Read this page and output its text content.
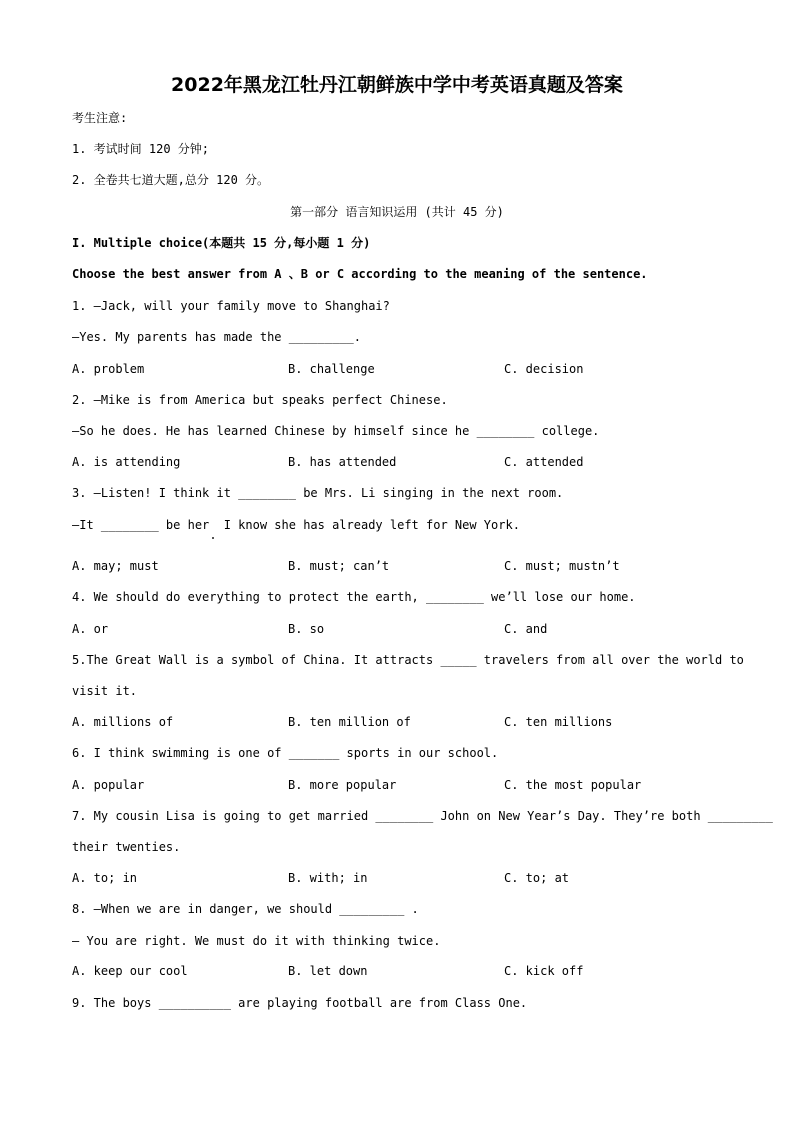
2022年黑龙江牡丹江朝鲜族中学中考英语真题及答案
考生注意:
1. 考试时间 120 分钟;
2. 全卷共七道大题,总分 120 分。
第一部分 语言知识运用 (共计 45 分)
I. Multiple choice(本题共 15 分,每小题 1 分)
Choose the best answer from A 、B or C according to the meaning of the sentence.
1. —Jack, will your family move to Shanghai?
—Yes. My parents has made the _________.
A. problem	B. challenge	C. decision
2. —Mike is from America but speaks perfect Chinese.
—So he does. He has learned Chinese by himself since he ________ college.
A. is attending	B. has attended	C. attended
3. —Listen! I think it ________ be Mrs. Li singing in the next room.
—It ________ be her  I know she has already left for New York.
A. may; must	B. must; can’t	C. must; mustn’t
4. We should do everything to protect the earth, ________ we’ll lose our home.
A. or	B. so	C. and
5.The Great Wall is a symbol of China. It attracts _____ travelers from all over the world to
visit it.
A. millions of	B. ten million of	C. ten millions
6. I think swimming is one of _______ sports in our school.
A. popular	B. more popular	C. the most popular
7. My cousin Lisa is going to get married ________ John on New Year’s Day. They’re both _________
their twenties.
A. to; in	B. with; in	C. to; at
8. —When we are in danger, we should _________ .
— You are right. We must do it with thinking twice.
A. keep our cool	B. let down	C. kick off
9. The boys __________ are playing football are from Class One.
